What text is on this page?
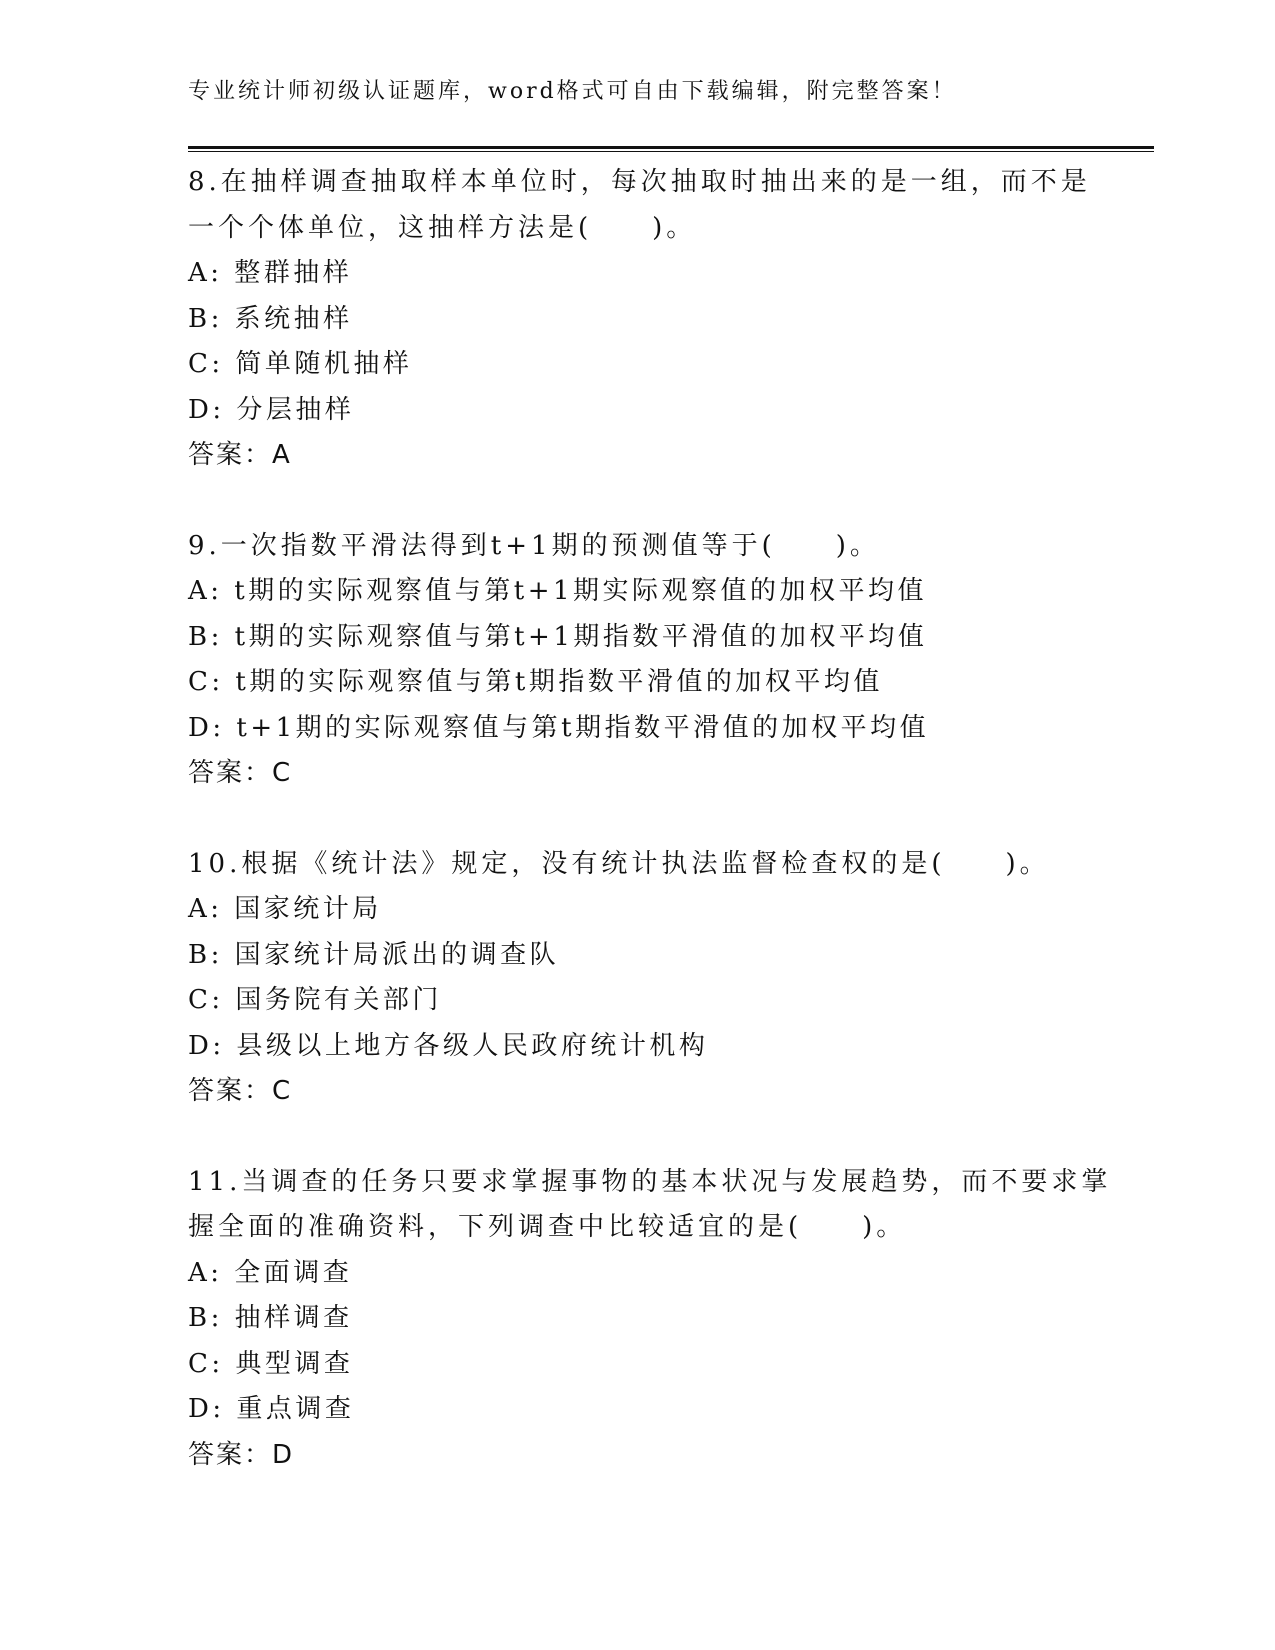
专业统计师初级认证题库，word格式可自由下载编辑，附完整答案！
8.在抽样调查抽取样本单位时，每次抽取时抽出来的是一组，而不是
一个个体单位，这抽样方法是(　　)。
A: 整群抽样
B: 系统抽样
C: 简单随机抽样
D: 分层抽样
答案：A
9.一次指数平滑法得到t+1期的预测值等于(　　)。
A: t期的实际观察值与第t+1期实际观察值的加权平均值
B: t期的实际观察值与第t+1期指数平滑值的加权平均值
C: t期的实际观察值与第t期指数平滑值的加权平均值
D: t+1期的实际观察值与第t期指数平滑值的加权平均值
答案：C
10.根据《统计法》规定，没有统计执法监督检查权的是(　　)。
A: 国家统计局
B: 国家统计局派出的调查队
C: 国务院有关部门
D: 县级以上地方各级人民政府统计机构
答案：C
11.当调查的任务只要求掌握事物的基本状况与发展趋势，而不要求掌
握全面的准确资料，下列调查中比较适宜的是(　　)。
A: 全面调查
B: 抽样调查
C: 典型调查
D: 重点调查
答案：D
